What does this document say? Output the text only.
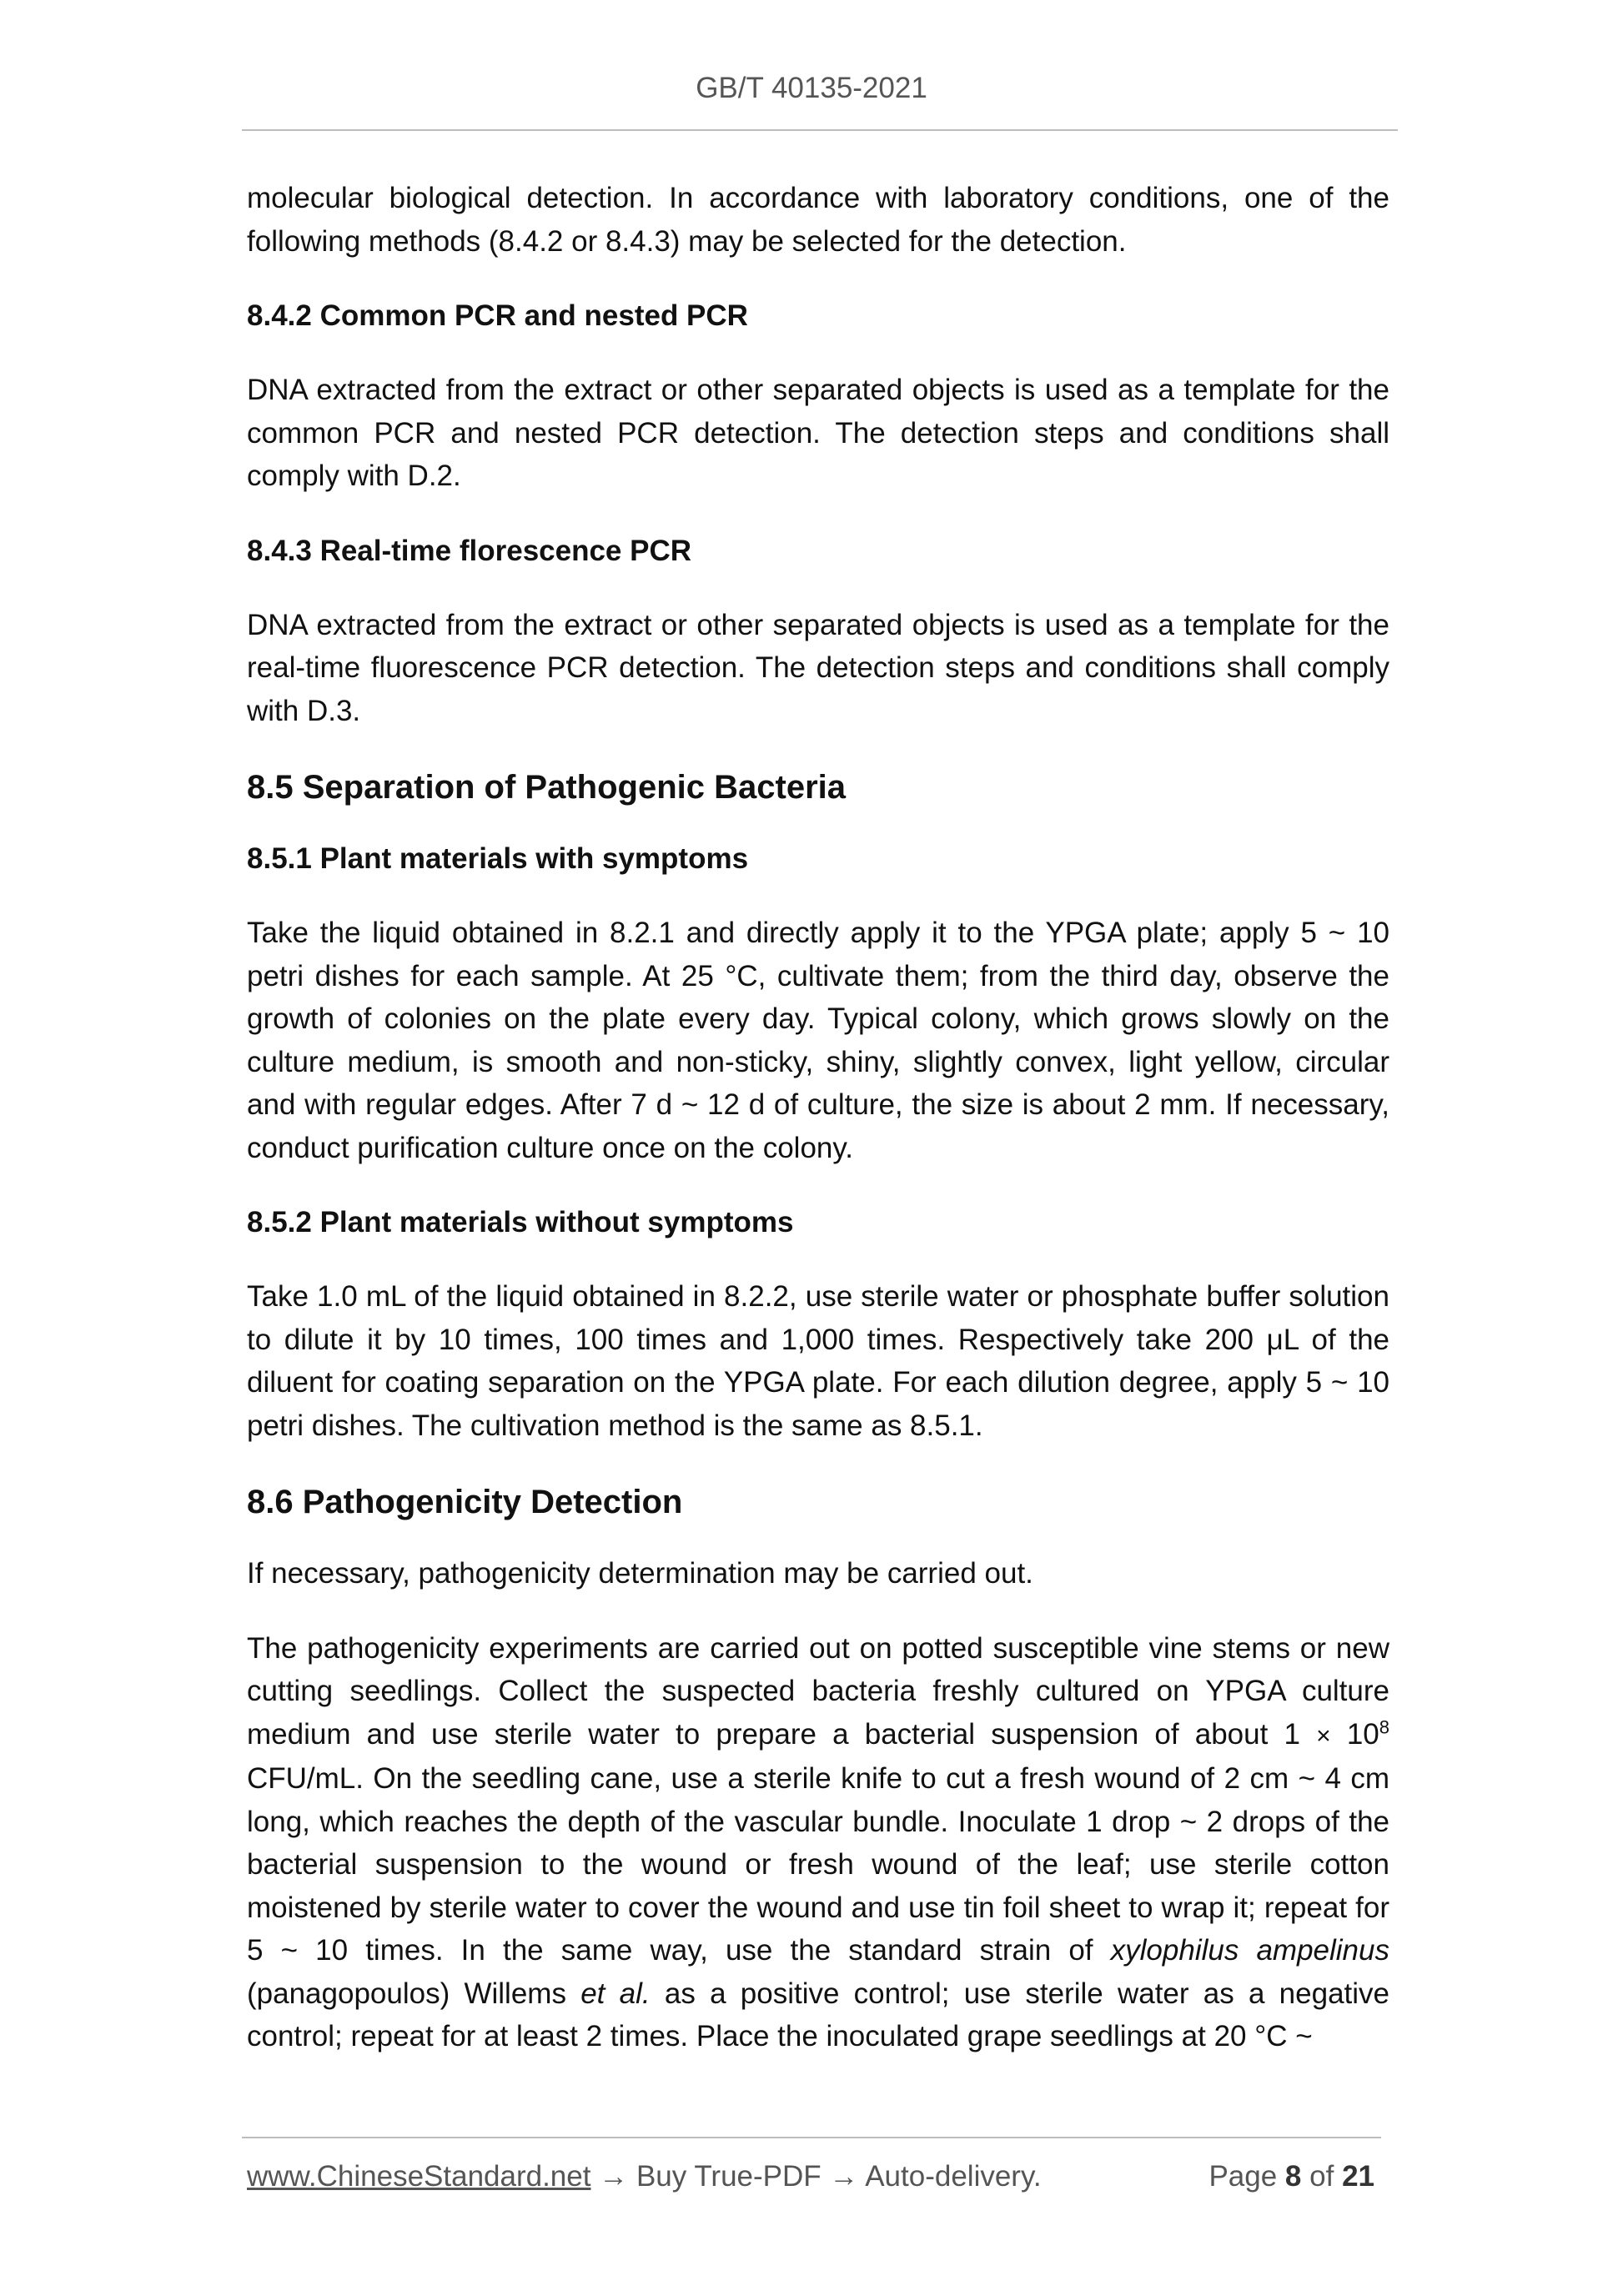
GB/T 40135-2021

molecular biological detection. In accordance with laboratory conditions, one of the following methods (8.4.2 or 8.4.3) may be selected for the detection.

8.4.2 Common PCR and nested PCR

DNA extracted from the extract or other separated objects is used as a template for the common PCR and nested PCR detection. The detection steps and conditions shall comply with D.2.

8.4.3 Real-time florescence PCR

DNA extracted from the extract or other separated objects is used as a template for the real-time fluorescence PCR detection. The detection steps and conditions shall comply with D.3.

8.5 Separation of Pathogenic Bacteria
8.5.1 Plant materials with symptoms

Take the liquid obtained in 8.2.1 and directly apply it to the YPGA plate; apply 5 ~ 10 petri dishes for each sample. At 25 °C, cultivate them; from the third day, observe the growth of colonies on the plate every day. Typical colony, which grows slowly on the culture medium, is smooth and non-sticky, shiny, slightly convex, light yellow, circular and with regular edges. After 7 d ~ 12 d of culture, the size is about 2 mm. If necessary, conduct purification culture once on the colony.

8.5.2 Plant materials without symptoms

Take 1.0 mL of the liquid obtained in 8.2.2, use sterile water or phosphate buffer solution to dilute it by 10 times, 100 times and 1,000 times. Respectively take 200 μL of the diluent for coating separation on the YPGA plate. For each dilution degree, apply 5 ~ 10 petri dishes. The cultivation method is the same as 8.5.1.

8.6 Pathogenicity Detection

If necessary, pathogenicity determination may be carried out.

The pathogenicity experiments are carried out on potted susceptible vine stems or new cutting seedlings. Collect the suspected bacteria freshly cultured on YPGA culture medium and use sterile water to prepare a bacterial suspension of about $1 \times 10^8$ CFU/mL. On the seedling cane, use a sterile knife to cut a fresh wound of 2 cm ~ 4 cm long, which reaches the depth of the vascular bundle. Inoculate 1 drop ~ 2 drops of the bacterial suspension to the wound or fresh wound of the leaf; use sterile cotton moistened by sterile water to cover the wound and use tin foil sheet to wrap it; repeat for 5 ~ 10 times. In the same way, use the standard strain of xylophilus ampelinus (panagopoulos) Willems et al. as a positive control; use sterile water as a negative control; repeat for at least 2 times. Place the inoculated grape seedlings at 20 °C ~

www.ChineseStandard.net → Buy True-PDF → Auto-delivery.	Page 8 of 21
